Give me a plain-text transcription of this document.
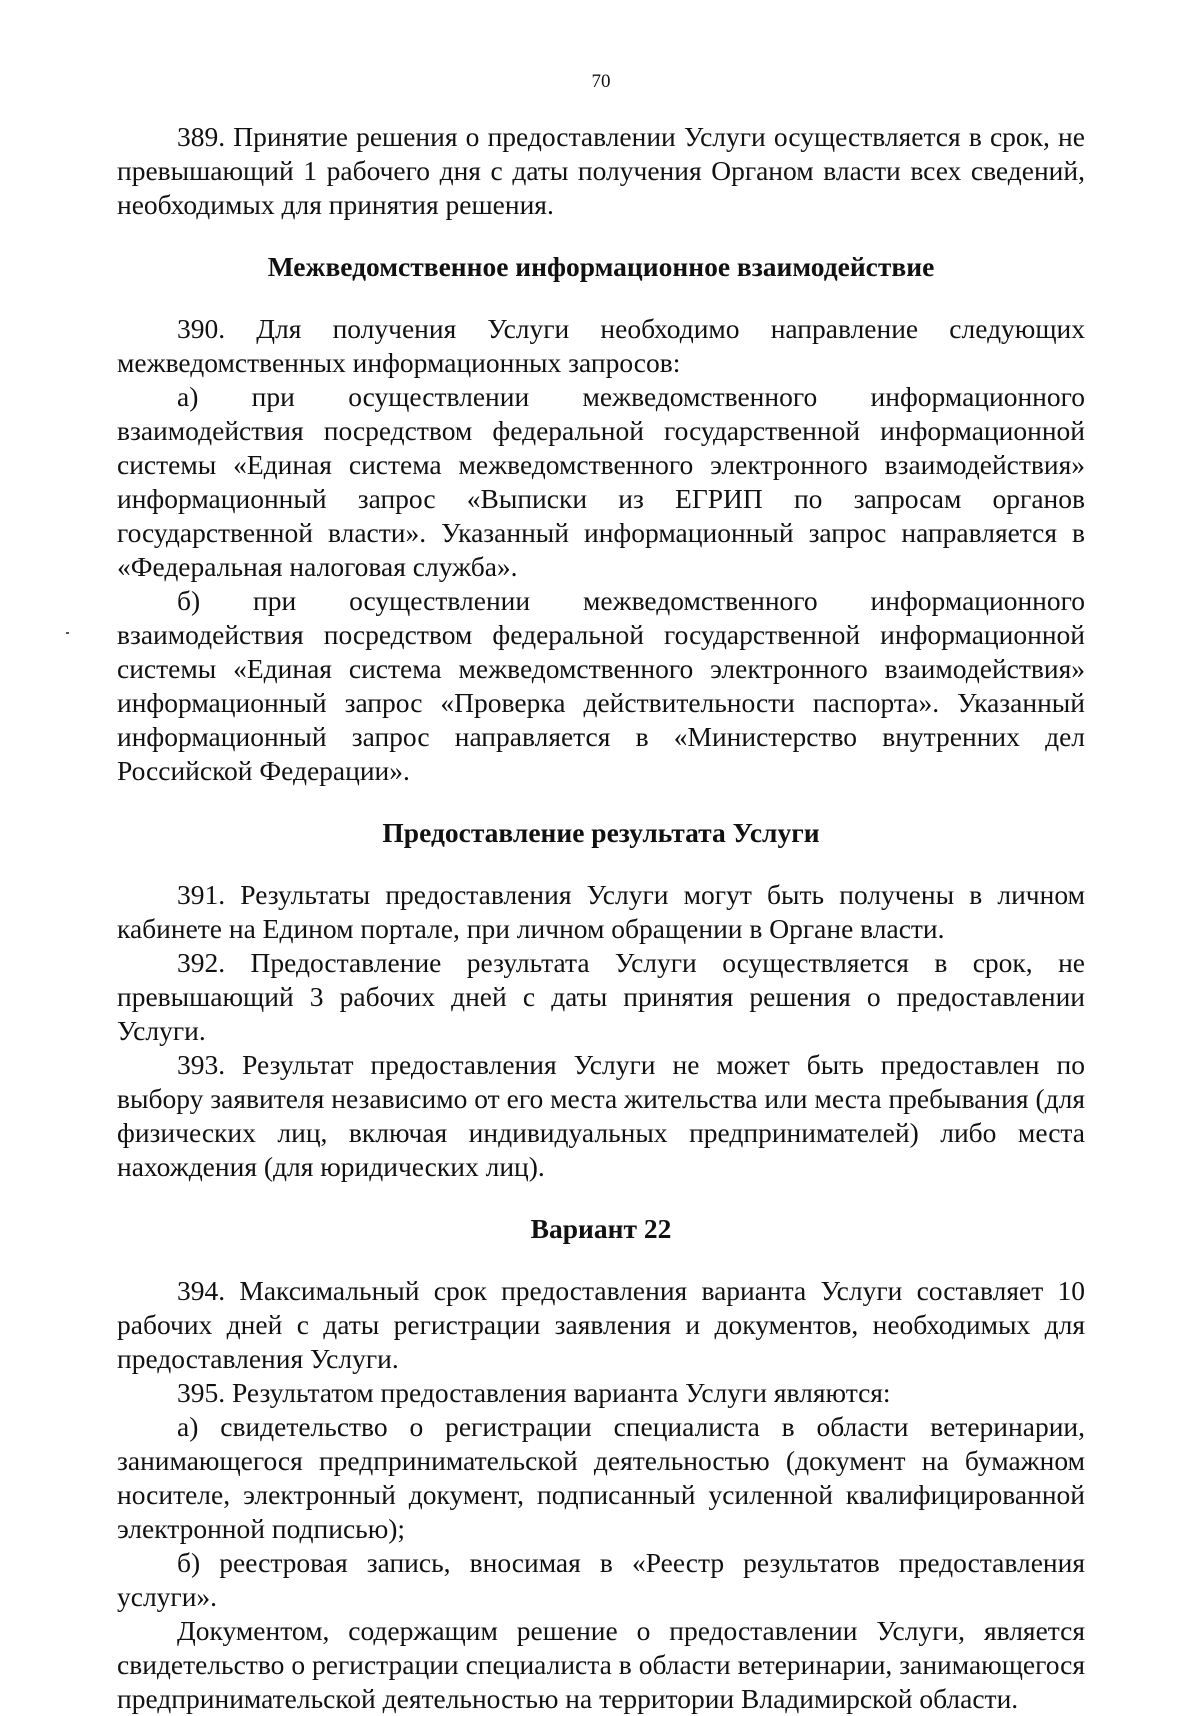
70

389. Принятие решения о предоставлении Услуги осуществляется в срок, не превышающий 1 рабочего дня с даты получения Органом власти всех сведений, необходимых для принятия решения.

Межведомственное информационное взаимодействие

390. Для получения Услуги необходимо направление следующих межведомственных информационных запросов:

а) при осуществлении межведомственного информационного взаимодействия посредством федеральной государственной информационной системы «Единая система межведомственного электронного взаимодействия» информационный запрос «Выписки из ЕГРИП по запросам органов государственной власти». Указанный информационный запрос направляется в «Федеральная налоговая служба».

б) при осуществлении межведомственного информационного взаимодействия посредством федеральной государственной информационной системы «Единая система межведомственного электронного взаимодействия» информационный запрос «Проверка действительности паспорта». Указанный информационный запрос направляется в «Министерство внутренних дел Российской Федерации».

Предоставление результата Услуги

391. Результаты предоставления Услуги могут быть получены в личном кабинете на Едином портале, при личном обращении в Органе власти.

392. Предоставление результата Услуги осуществляется в срок, не превышающий 3 рабочих дней с даты принятия решения о предоставлении Услуги.

393. Результат предоставления Услуги не может быть предоставлен по выбору заявителя независимо от его места жительства или места пребывания (для физических лиц, включая индивидуальных предпринимателей) либо места нахождения (для юридических лиц).

Вариант 22

394. Максимальный срок предоставления варианта Услуги составляет 10 рабочих дней с даты регистрации заявления и документов, необходимых для предоставления Услуги.

395. Результатом предоставления варианта Услуги являются:

а) свидетельство о регистрации специалиста в области ветеринарии, занимающегося предпринимательской деятельностью (документ на бумажном носителе, электронный документ, подписанный усиленной квалифицированной электронной подписью);

б) реестровая запись, вносимая в «Реестр результатов предоставления услуги».

Документом, содержащим решение о предоставлении Услуги, является свидетельство о регистрации специалиста в области ветеринарии, занимающегося предпринимательской деятельностью на территории Владимирской области.
